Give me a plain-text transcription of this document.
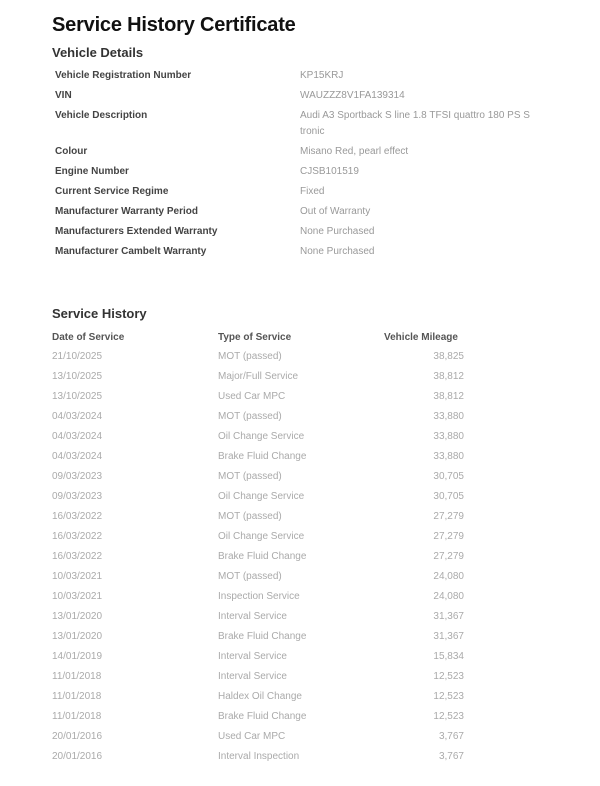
Service History Certificate
Vehicle Details
Vehicle Registration Number	KP15KRJ
VIN	WAUZZZ8V1FA139314
Vehicle Description	Audi A3 Sportback S line 1.8 TFSI quattro 180 PS S tronic
Colour	Misano Red, pearl effect
Engine Number	CJSB101519
Current Service Regime	Fixed
Manufacturer Warranty Period	Out of Warranty
Manufacturers Extended Warranty	None Purchased
Manufacturer Cambelt Warranty	None Purchased
Service History
Date of Service	Type of Service	Vehicle Mileage
21/10/2025	MOT (passed)	38,825
13/10/2025	Major/Full Service	38,812
13/10/2025	Used Car MPC	38,812
04/03/2024	MOT (passed)	33,880
04/03/2024	Oil Change Service	33,880
04/03/2024	Brake Fluid Change	33,880
09/03/2023	MOT (passed)	30,705
09/03/2023	Oil Change Service	30,705
16/03/2022	MOT (passed)	27,279
16/03/2022	Oil Change Service	27,279
16/03/2022	Brake Fluid Change	27,279
10/03/2021	MOT (passed)	24,080
10/03/2021	Inspection Service	24,080
13/01/2020	Interval Service	31,367
13/01/2020	Brake Fluid Change	31,367
14/01/2019	Interval Service	15,834
11/01/2018	Interval Service	12,523
11/01/2018	Haldex Oil Change	12,523
11/01/2018	Brake Fluid Change	12,523
20/01/2016	Used Car MPC	3,767
20/01/2016	Interval Inspection	3,767
